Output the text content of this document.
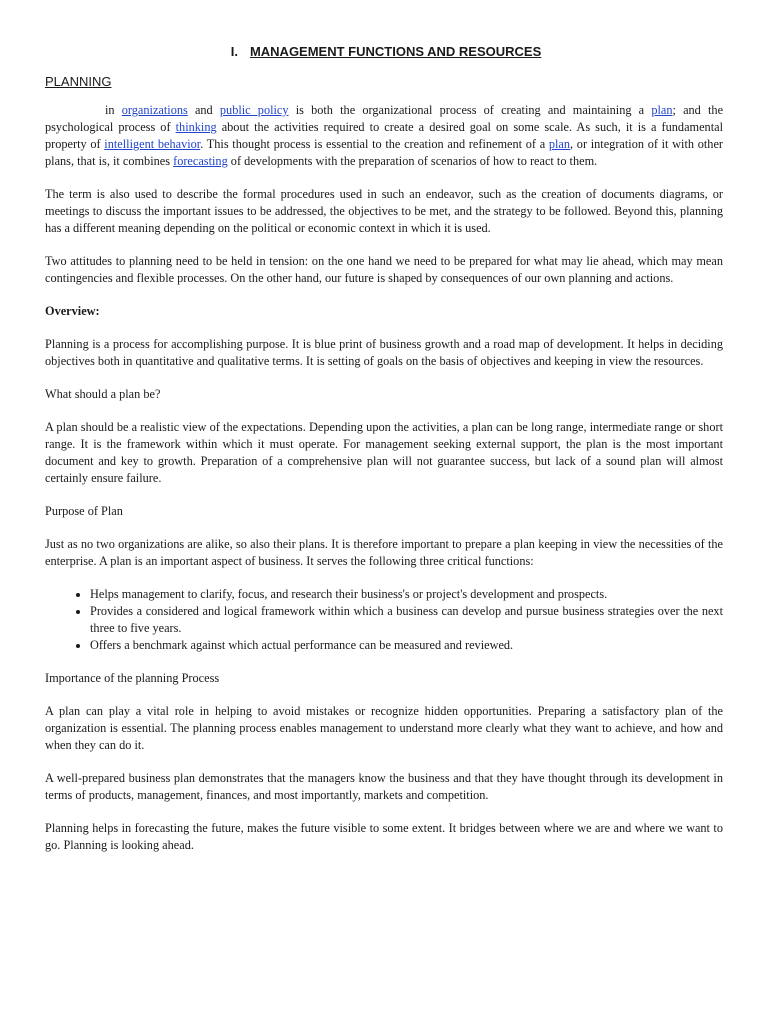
I. MANAGEMENT FUNCTIONS AND RESOURCES
PLANNING

in organizations and public policy is both the organizational process of creating and maintaining a plan; and the psychological process of thinking about the activities required to create a desired goal on some scale. As such, it is a fundamental property of intelligent behavior. This thought process is essential to the creation and refinement of a plan, or integration of it with other plans, that is, it combines forecasting of developments with the preparation of scenarios of how to react to them.

The term is also used to describe the formal procedures used in such an endeavor, such as the creation of documents diagrams, or meetings to discuss the important issues to be addressed, the objectives to be met, and the strategy to be followed. Beyond this, planning has a different meaning depending on the political or economic context in which it is used.

Two attitudes to planning need to be held in tension: on the one hand we need to be prepared for what may lie ahead, which may mean contingencies and flexible processes. On the other hand, our future is shaped by consequences of our own planning and actions.

Overview:

Planning is a process for accomplishing purpose. It is blue print of business growth and a road map of development. It helps in deciding objectives both in quantitative and qualitative terms. It is setting of goals on the basis of objectives and keeping in view the resources.

What should a plan be?

A plan should be a realistic view of the expectations. Depending upon the activities, a plan can be long range, intermediate range or short range. It is the framework within which it must operate. For management seeking external support, the plan is the most important document and key to growth. Preparation of a comprehensive plan will not guarantee success, but lack of a sound plan will almost certainly ensure failure.

Purpose of Plan

Just as no two organizations are alike, so also their plans. It is therefore important to prepare a plan keeping in view the necessities of the enterprise. A plan is an important aspect of business. It serves the following three critical functions:

• Helps management to clarify, focus, and research their business's or project's development and prospects.
• Provides a considered and logical framework within which a business can develop and pursue business strategies over the next three to five years.
• Offers a benchmark against which actual performance can be measured and reviewed.

Importance of the planning Process

A plan can play a vital role in helping to avoid mistakes or recognize hidden opportunities. Preparing a satisfactory plan of the organization is essential. The planning process enables management to understand more clearly what they want to achieve, and how and when they can do it.

A well-prepared business plan demonstrates that the managers know the business and that they have thought through its development in terms of products, management, finances, and most importantly, markets and competition.

Planning helps in forecasting the future, makes the future visible to some extent. It bridges between where we are and where we want to go. Planning is looking ahead.
